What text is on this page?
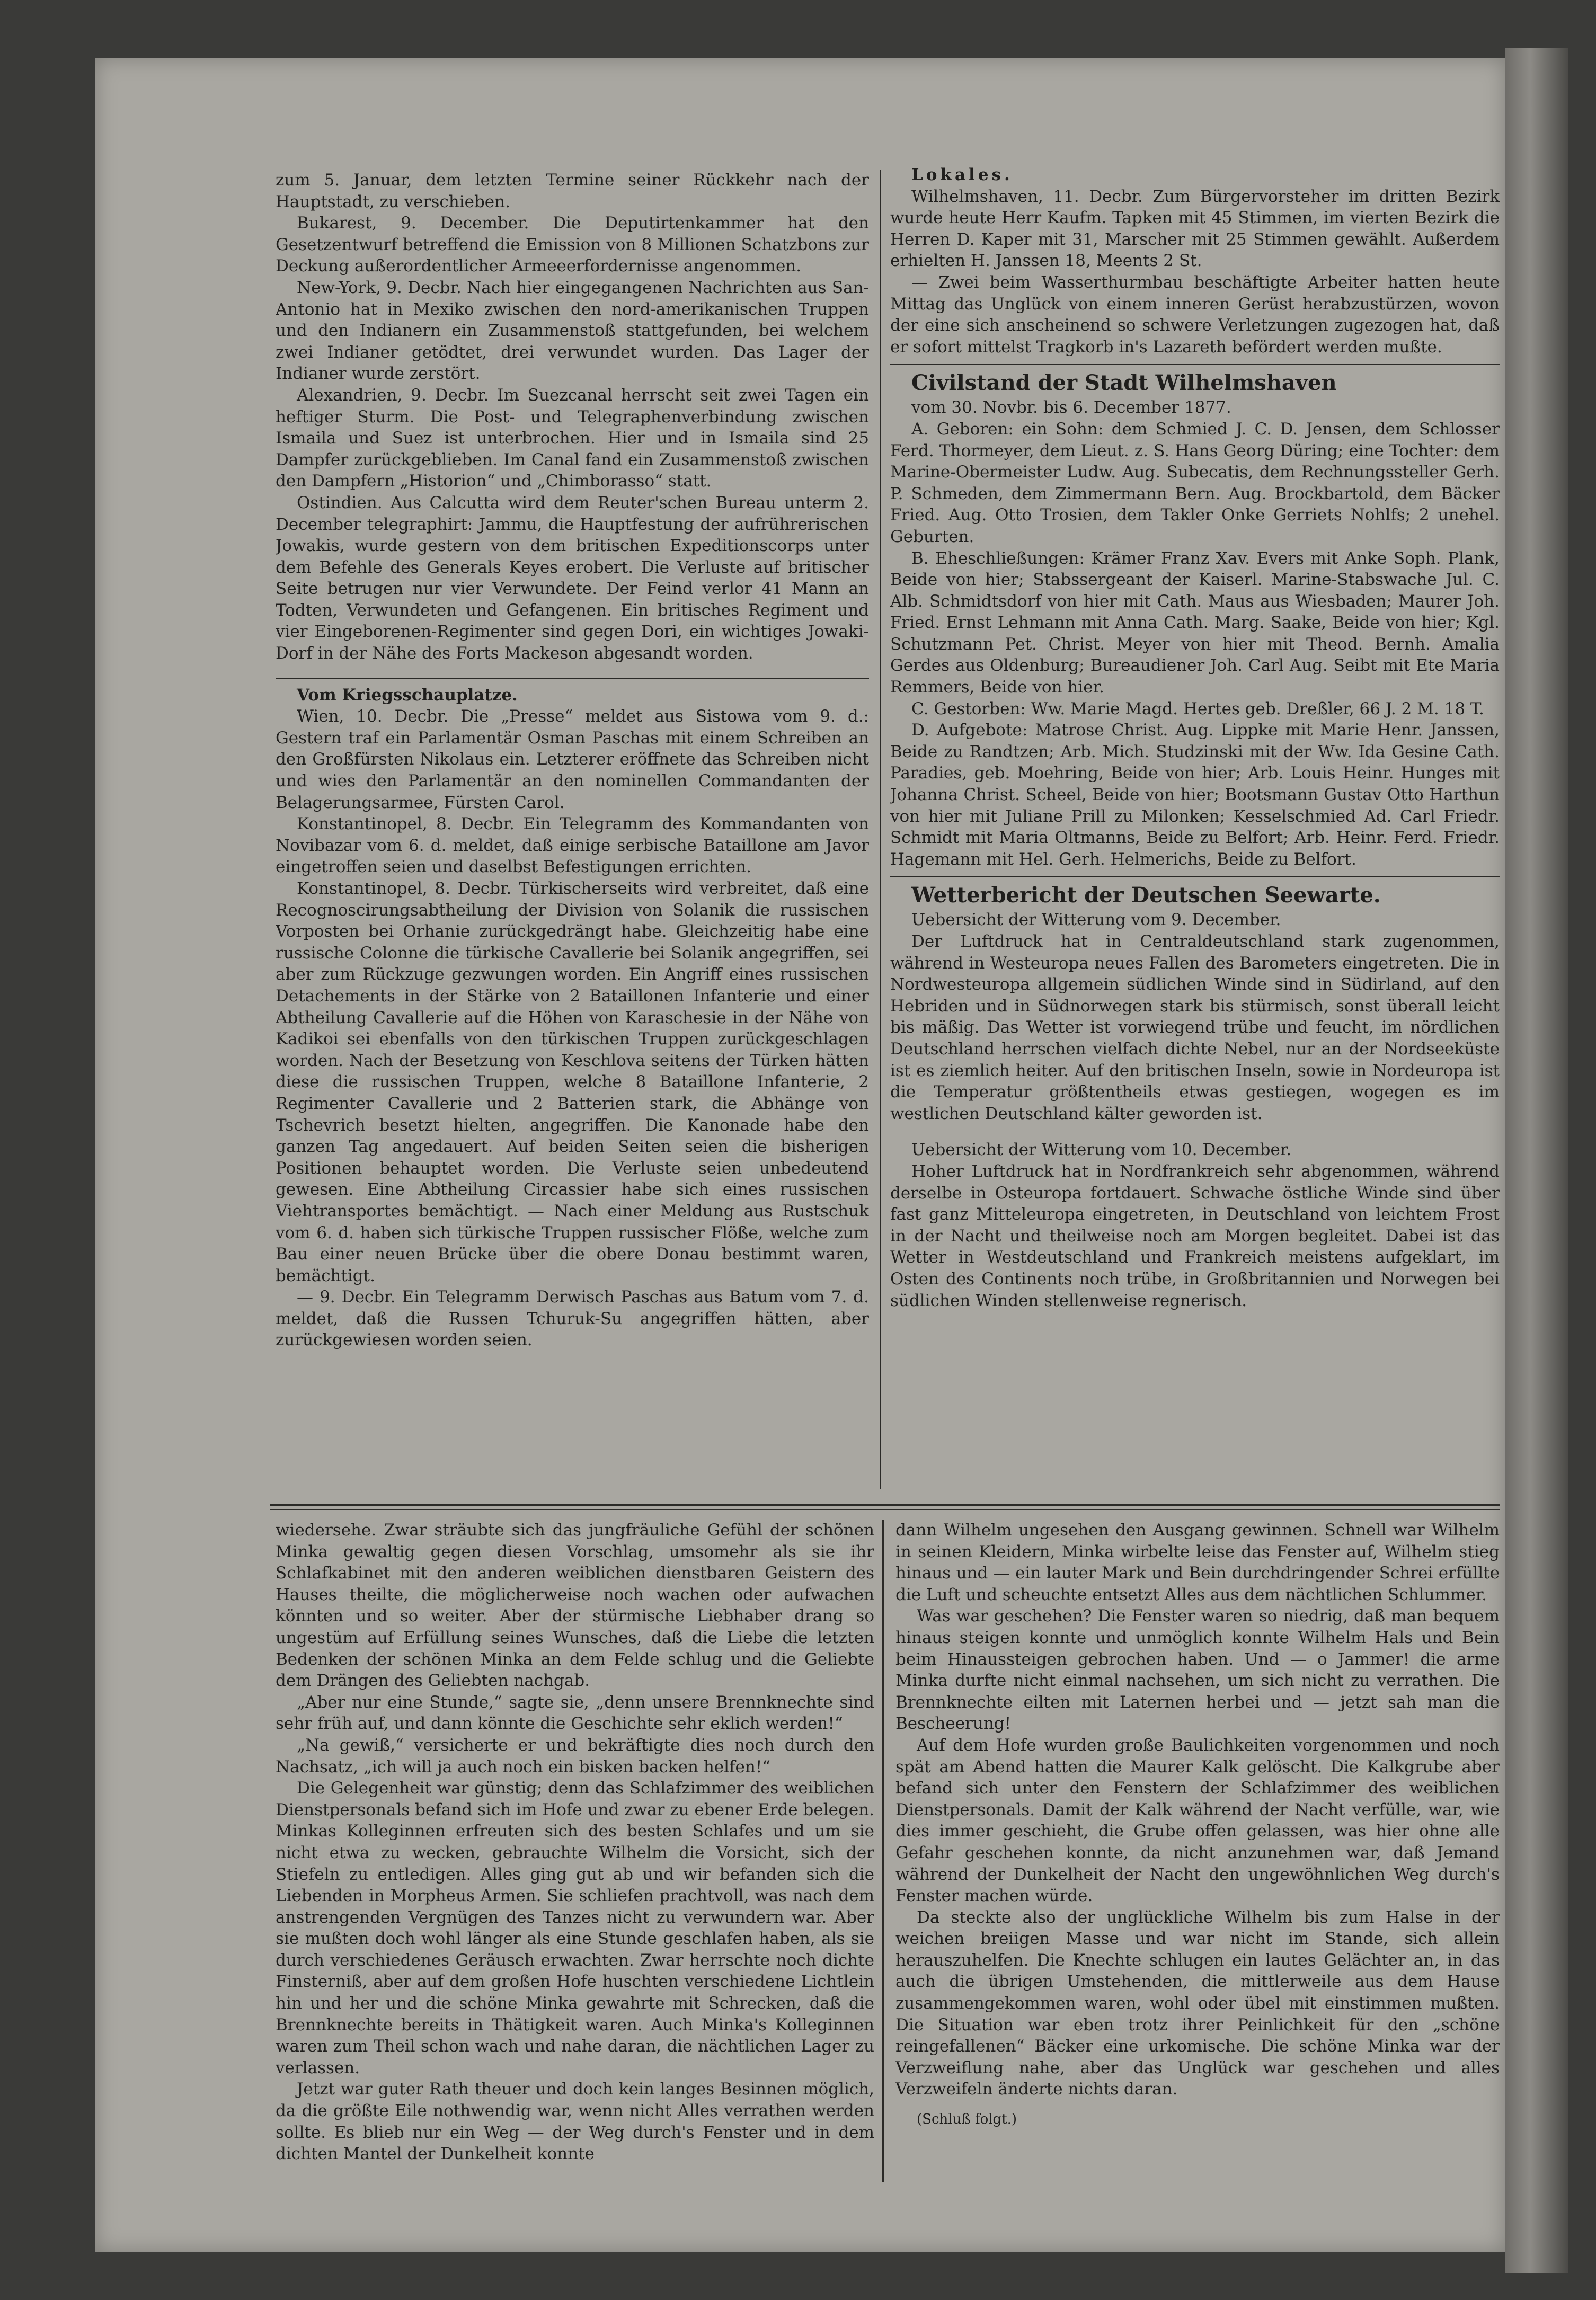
zum 5. Januar, dem letzten Termine seiner Rückkehr nach der Hauptstadt, zu verschieben.

Bukarest, 9. December. Die Deputirtenkammer hat den Gesetzentwurf betreffend die Emission von 8 Millionen Schatzbons zur Deckung außerordentlicher Armeeerfordernisse angenommen.

New-York, 9. Decbr. Nach hier eingegangenen Nachrichten aus San-Antonio hat in Mexiko zwischen den nord-amerikanischen Truppen und den Indianern ein Zusammenstoß stattgefunden, bei welchem zwei Indianer getödtet, drei verwundet wurden. Das Lager der Indianer wurde zerstört.

Alexandrien, 9. Decbr. Im Suezcanal herrscht seit zwei Tagen ein heftiger Sturm. Die Post- und Telegraphenverbindung zwischen Ismaila und Suez ist unterbrochen. Hier und in Ismaila sind 25 Dampfer zurückgeblieben. Im Canal fand ein Zusammenstoß zwischen den Dampfern „Historion“ und „Chimborasso“ statt.

Ostindien. Aus Calcutta wird dem Reuter'schen Bureau unterm 2. December telegraphirt: Jammu, die Hauptfestung der aufrührerischen Jowakis, wurde gestern von dem britischen Expeditionscorps unter dem Befehle des Generals Keyes erobert. Die Verluste auf britischer Seite betrugen nur vier Verwundete. Der Feind verlor 41 Mann an Todten, Verwundeten und Gefangenen. Ein britisches Regiment und vier Eingeborenen-Regimenter sind gegen Dori, ein wichtiges Jowaki-Dorf in der Nähe des Forts Mackeson abgesandt worden.

Vom Kriegsschauplatze.

Wien, 10. Decbr. Die „Presse“ meldet aus Sistowa vom 9. d.: Gestern traf ein Parlamentär Osman Paschas mit einem Schreiben an den Großfürsten Nikolaus ein. Letzterer eröffnete das Schreiben nicht und wies den Parlamentär an den nominellen Commandanten der Belagerungsarmee, Fürsten Carol.

Konstantinopel, 8. Decbr. Ein Telegramm des Kommandanten von Novibazar vom 6. d. meldet, daß einige serbische Bataillone am Javor eingetroffen seien und daselbst Befestigungen errichten.

Konstantinopel, 8. Decbr. Türkischerseits wird verbreitet, daß eine Recognoscirungsabtheilung der Division von Solanik die russischen Vorposten bei Orhanie zurückgedrängt habe. Gleichzeitig habe eine russische Colonne die türkische Cavallerie bei Solanik angegriffen, sei aber zum Rückzuge gezwungen worden. Ein Angriff eines russischen Detachements in der Stärke von 2 Bataillonen Infanterie und einer Abtheilung Cavallerie auf die Höhen von Karaschesie in der Nähe von Kadikoi sei ebenfalls von den türkischen Truppen zurückgeschlagen worden. Nach der Besetzung von Keschlova seitens der Türken hätten diese die russischen Truppen, welche 8 Bataillone Infanterie, 2 Regimenter Cavallerie und 2 Batterien stark, die Abhänge von Tschevrich besetzt hielten, angegriffen. Die Kanonade habe den ganzen Tag angedauert. Auf beiden Seiten seien die bisherigen Positionen behauptet worden. Die Verluste seien unbedeutend gewesen. Eine Abtheilung Circassier habe sich eines russischen Viehtransportes bemächtigt. — Nach einer Meldung aus Rustschuk vom 6. d. haben sich türkische Truppen russischer Flöße, welche zum Bau einer neuen Brücke über die obere Donau bestimmt waren, bemächtigt.

— 9. Decbr. Ein Telegramm Derwisch Paschas aus Batum vom 7. d. meldet, daß die Russen Tchuruk-Su angegriffen hätten, aber zurückgewiesen worden seien.

Lokales.

Wilhelmshaven, 11. Decbr. Zum Bürgervorsteher im dritten Bezirk wurde heute Herr Kaufm. Tapken mit 45 Stimmen, im vierten Bezirk die Herren D. Kaper mit 31, Marscher mit 25 Stimmen gewählt. Außerdem erhielten H. Janssen 18, Meents 2 St.

— Zwei beim Wasserthurmbau beschäftigte Arbeiter hatten heute Mittag das Unglück von einem inneren Gerüst herabzustürzen, wovon der eine sich anscheinend so schwere Verletzungen zugezogen hat, daß er sofort mittelst Tragkorb in's Lazareth befördert werden mußte.

Civilstand der Stadt Wilhelmshaven

vom 30. Novbr. bis 6. December 1877.

A. Geboren: ein Sohn: dem Schmied J. C. D. Jensen, dem Schlosser Ferd. Thormeyer, dem Lieut. z. S. Hans Georg Düring; eine Tochter: dem Marine-Obermeister Ludw. Aug. Subecatis, dem Rechnungssteller Gerh. P. Schmeden, dem Zimmermann Bern. Aug. Brockbartold, dem Bäcker Fried. Aug. Otto Trosien, dem Takler Onke Gerriets Nohlfs; 2 unehel. Geburten.

B. Eheschließungen: Krämer Franz Xav. Evers mit Anke Soph. Plank, Beide von hier; Stabssergeant der Kaiserl. Marine-Stabswache Jul. C. Alb. Schmidtsdorf von hier mit Cath. Maus aus Wiesbaden; Maurer Joh. Fried. Ernst Lehmann mit Anna Cath. Marg. Saake, Beide von hier; Kgl. Schutzmann Pet. Christ. Meyer von hier mit Theod. Bernh. Amalia Gerdes aus Oldenburg; Bureaudiener Joh. Carl Aug. Seibt mit Ete Maria Remmers, Beide von hier.

C. Gestorben: Ww. Marie Magd. Hertes geb. Dreßler, 66 J. 2 M. 18 T.

D. Aufgebote: Matrose Christ. Aug. Lippke mit Marie Henr. Janssen, Beide zu Randtzen; Arb. Mich. Studzinski mit der Ww. Ida Gesine Cath. Paradies, geb. Moehring, Beide von hier; Arb. Louis Heinr. Hunges mit Johanna Christ. Scheel, Beide von hier; Bootsmann Gustav Otto Harthun von hier mit Juliane Prill zu Milonken; Kesselschmied Ad. Carl Friedr. Schmidt mit Maria Oltmanns, Beide zu Belfort; Arb. Heinr. Ferd. Friedr. Hagemann mit Hel. Gerh. Helmerichs, Beide zu Belfort.

Wetterbericht der Deutschen Seewarte.

Uebersicht der Witterung vom 9. December.

Der Luftdruck hat in Centraldeutschland stark zugenommen, während in Westeuropa neues Fallen des Barometers eingetreten. Die in Nordwesteuropa allgemein südlichen Winde sind in Südirland, auf den Hebriden und in Südnorwegen stark bis stürmisch, sonst überall leicht bis mäßig. Das Wetter ist vorwiegend trübe und feucht, im nördlichen Deutschland herrschen vielfach dichte Nebel, nur an der Nordseeküste ist es ziemlich heiter. Auf den britischen Inseln, sowie in Nordeuropa ist die Temperatur größtentheils etwas gestiegen, wogegen es im westlichen Deutschland kälter geworden ist.

Uebersicht der Witterung vom 10. December.

Hoher Luftdruck hat in Nordfrankreich sehr abgenommen, während derselbe in Osteuropa fortdauert. Schwache östliche Winde sind über fast ganz Mitteleuropa eingetreten, in Deutschland von leichtem Frost in der Nacht und theilweise noch am Morgen begleitet. Dabei ist das Wetter in Westdeutschland und Frankreich meistens aufgeklart, im Osten des Continents noch trübe, in Großbritannien und Norwegen bei südlichen Winden stellenweise regnerisch.

wiedersehe. Zwar sträubte sich das jungfräuliche Gefühl der schönen Minka gewaltig gegen diesen Vorschlag, umsomehr als sie ihr Schlafkabinet mit den anderen weiblichen dienstbaren Geistern des Hauses theilte, die möglicherweise noch wachen oder aufwachen könnten und so weiter. Aber der stürmische Liebhaber drang so ungestüm auf Erfüllung seines Wunsches, daß die Liebe die letzten Bedenken der schönen Minka an dem Felde schlug und die Geliebte dem Drängen des Geliebten nachgab.

„Aber nur eine Stunde,“ sagte sie, „denn unsere Brennknechte sind sehr früh auf, und dann könnte die Geschichte sehr eklich werden!“

„Na gewiß,“ versicherte er und bekräftigte dies noch durch den Nachsatz, „ich will ja auch noch ein bisken backen helfen!“

Die Gelegenheit war günstig; denn das Schlafzimmer des weiblichen Dienstpersonals befand sich im Hofe und zwar zu ebener Erde belegen. Minkas Kolleginnen erfreuten sich des besten Schlafes und um sie nicht etwa zu wecken, gebrauchte Wilhelm die Vorsicht, sich der Stiefeln zu entledigen. Alles ging gut ab und wir befanden sich die Liebenden in Morpheus Armen. Sie schliefen prachtvoll, was nach dem anstrengenden Vergnügen des Tanzes nicht zu verwundern war. Aber sie mußten doch wohl länger als eine Stunde geschlafen haben, als sie durch verschiedenes Geräusch erwachten. Zwar herrschte noch dichte Finsterniß, aber auf dem großen Hofe huschten verschiedene Lichtlein hin und her und die schöne Minka gewahrte mit Schrecken, daß die Brennknechte bereits in Thätigkeit waren. Auch Minka's Kolleginnen waren zum Theil schon wach und nahe daran, die nächtlichen Lager zu verlassen.

Jetzt war guter Rath theuer und doch kein langes Besinnen möglich, da die größte Eile nothwendig war, wenn nicht Alles verrathen werden sollte. Es blieb nur ein Weg — der Weg durch's Fenster und in dem dichten Mantel der Dunkelheit konnte

dann Wilhelm ungesehen den Ausgang gewinnen. Schnell war Wilhelm in seinen Kleidern, Minka wirbelte leise das Fenster auf, Wilhelm stieg hinaus und — ein lauter Mark und Bein durchdringender Schrei erfüllte die Luft und scheuchte entsetzt Alles aus dem nächtlichen Schlummer.

Was war geschehen? Die Fenster waren so niedrig, daß man bequem hinaus steigen konnte und unmöglich konnte Wilhelm Hals und Bein beim Hinaussteigen gebrochen haben. Und — o Jammer! die arme Minka durfte nicht einmal nachsehen, um sich nicht zu verrathen. Die Brennknechte eilten mit Laternen herbei und — jetzt sah man die Bescheerung!

Auf dem Hofe wurden große Baulichkeiten vorgenommen und noch spät am Abend hatten die Maurer Kalk gelöscht. Die Kalkgrube aber befand sich unter den Fenstern der Schlafzimmer des weiblichen Dienstpersonals. Damit der Kalk während der Nacht verfülle, war, wie dies immer geschieht, die Grube offen gelassen, was hier ohne alle Gefahr geschehen konnte, da nicht anzunehmen war, daß Jemand während der Dunkelheit der Nacht den ungewöhnlichen Weg durch's Fenster machen würde.

Da steckte also der unglückliche Wilhelm bis zum Halse in der weichen breiigen Masse und war nicht im Stande, sich allein herauszuhelfen. Die Knechte schlugen ein lautes Gelächter an, in das auch die übrigen Umstehenden, die mittlerweile aus dem Hause zusammengekommen waren, wohl oder übel mit einstimmen mußten. Die Situation war eben trotz ihrer Peinlichkeit für den „schöne reingefallenen“ Bäcker eine urkomische. Die schöne Minka war der Verzweiflung nahe, aber das Unglück war geschehen und alles Verzweifeln änderte nichts daran.

(Schluß folgt.)
